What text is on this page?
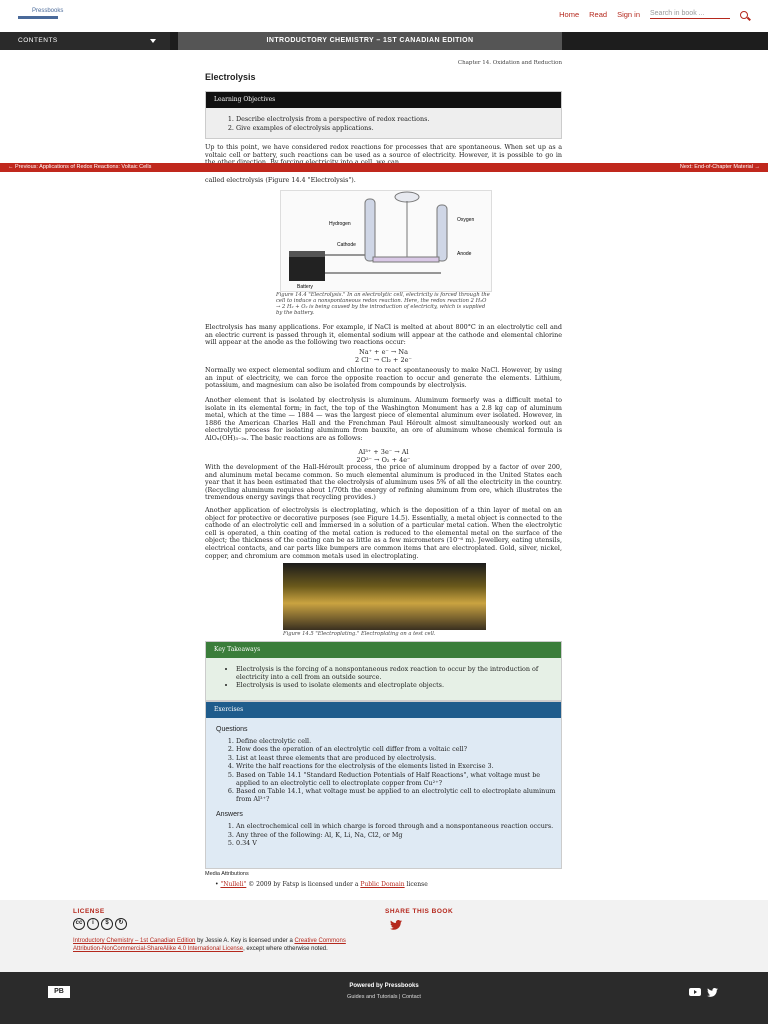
Pressbooks	Home Read Sign in Search in book ...
CONTENTS	INTRODUCTORY CHEMISTRY – 1ST CANADIAN EDITION
Chapter 14. Oxidation and Reduction
Electrolysis
Learning Objectives
1. Describe electrolysis from a perspective of redox reactions.
2. Give examples of electrolysis applications.

Up to this point, we have considered redox reactions for processes that are spontaneous. When set up as a voltaic cell or battery, such reactions can be used as a source of electricity. However, it is possible to go in

called electrolysis (Figure 14.4 "Electrolysis").

Electrolysis has many applications. For example, if NaCl is melted at about 800°C in an electrolytic cell and an electric current is passed through it, elemental sodium will appear at the cathode and elemental chlorine will appear at the anode as the following two reactions occur:

Na⁺ + e⁻ → Na
2 Cl⁻ → Cl₂ + 2e⁻

Normally we expect elemental sodium and chlorine to react spontaneously to make NaCl. However, by using an input of electricity, we can force the opposite reaction to occur and generate the elements. Lithium, potassium, and magnesium can also be isolated from compounds by electrolysis.

Another element that is isolated by electrolysis is aluminum. Aluminum formerly was a difficult metal to isolate in its elemental form; in fact, the top of the Washington Monument has a 2.8 kg cap of aluminum metal, which at the time — 1884 — was the largest piece of elemental aluminum ever isolated. However, in 1886 the American Charles Hall and the Frenchman Paul Héroult almost simultaneously worked out an electrolytic process for isolating aluminum from bauxite, an ore of aluminum whose chemical formula is AlOₓ(OH)₃₋₂ₓ. The basic reactions are as follows:

Al³⁺ + 3e⁻ → Al
2O²⁻ → O₂ + 4e⁻

With the development of the Hall-Héroult process, the price of aluminum dropped by a factor of over 200, and aluminum metal became common. So much elemental aluminum is produced in the United States each year that it has been estimated that the electrolysis of aluminum uses 5% of all the electricity in the country. (Recycling aluminum requires about 1/70th the energy of refining aluminum from ore, which illustrates the tremendous energy savings that recycling provides.)

Another application of electrolysis is electroplating, which is the deposition of a thin layer of metal on an object for protective or decorative purposes (see Figure 14.5). Essentially, a metal object is connected to the cathode of an electrolytic cell and immersed in a solution of a particular metal cation. When the electrolytic cell is operated, a thin coating of the metal cation is reduced to the elemental metal on the surface of the object; the thickness of the coating can be as little as a few micrometers (10⁻⁶ m). Jewellery, eating utensils, electrical contacts, and car parts like bumpers are common items that are electroplated. Gold, silver, nickel, copper, and chromium are common metals used in electroplating.

Key Takeaways
• Electrolysis is the forcing of a nonspontaneous redox reaction to occur by the introduction of electricity into a cell from an outside source.
• Electrolysis is used to isolate elements and electroplate objects.
Exercises
Questions
1. Define electrolytic cell.
2. How does the operation of an electrolytic cell differ from a voltaic cell?
3. List at least three elements that are produced by electrolysis.
4. Write the half reactions for the electrolysis of the elements listed in Exercise 3.
5. Based on Table 14.1 "Standard Reduction Potentials of Half Reactions", what voltage must be applied to an electrolytic cell to electroplate copper from Cu²⁺?
6. Based on Table 14.1, what voltage must be applied to an electrolytic cell to electroplate aluminum from Al³⁺?
Answers
1. An electrochemical cell in which charge is forced through and a nonspontaneous reaction occurs.
3. Any three of the following: Al, K, Li, Na, Cl2, or Mg
5. 0.34 V
Hydrogen
Oxygen
Cathode
Anode
Battery
Figure 14.4 "Electrolysis." In an electrolytic cell, electricity is forced through the cell to induce a nonspontaneous redox reaction. Here, the redox reaction 2 H₂O → 2 H₂ + O₂ is being caused by the introduction of electricity, which is supplied by the battery.
Figure 14.5 "Electroplating." Electroplating on a test cell.
← Previous: Applications of Redox Reactions: Voltaic Cells	Next: End-of-Chapter Material →
Media Attributions
• "Nulleli" © 2009 by Fatsp is licensed under a Public Domain license
LICENSE	SHARE THIS BOOK
cc	i	$	↻
Introductory Chemistry – 1st Canadian Edition by Jessie A. Key is licensed under a Creative Commons Attribution-NonCommercial-ShareAlike 4.0 International License, except where otherwise noted.
PB
Powered by Pressbooks
Guides and Tutorials | Contact
